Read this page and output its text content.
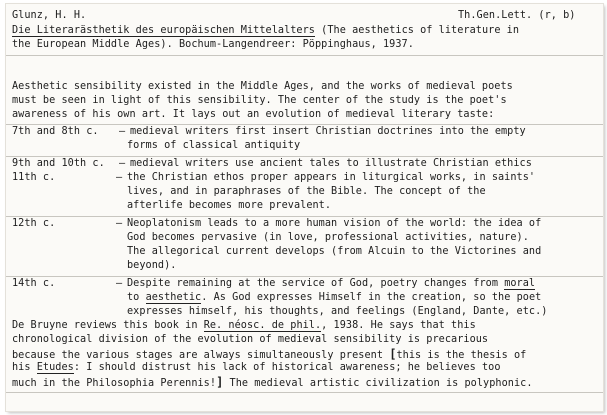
Glunz, H. H.	Th.Gen.Lett. (r, b)
Die Literarästhetik des europäischen Mittelalters (The aesthetics of literature in
the European Middle Ages). Bochum-Langendreer: Pöppinghaus, 1937.
Aesthetic sensibility existed in the Middle Ages, and the works of medieval poets
must be seen in light of this sensibility. The center of the study is the poet's
awareness of his own art. It lays out an evolution of medieval literary taste:
7th and 8th c. – medieval writers first insert Christian doctrines into the empty
forms of classical antiquity
9th and 10th c. – medieval writers use ancient tales to illustrate Christian ethics
11th c.	– the Christian ethos proper appears in liturgical works, in saints'
lives, and in paraphrases of the Bible. The concept of the
afterlife becomes more prevalent.
12th c.	– Neoplatonism leads to a more human vision of the world: the idea of
God becomes pervasive (in love, professional activities, nature).
The allegorical current develops (from Alcuin to the Victorines and
beyond).
14th c.	– Despite remaining at the service of God, poetry changes from moral
to aesthetic. As God expresses Himself in the creation, so the poet
expresses himself, his thoughts, and feelings (England, Dante, etc.)
De Bruyne reviews this book in Re. néosc. de phil., 1938. He says that this
chronological division of the evolution of medieval sensibility is precarious
because the various stages are always simultaneously present [this is the thesis of
his Etudes: I should distrust his lack of historical awareness; he believes too
much in the Philosophia Perennis!] The medieval artistic civilization is polyphonic.
